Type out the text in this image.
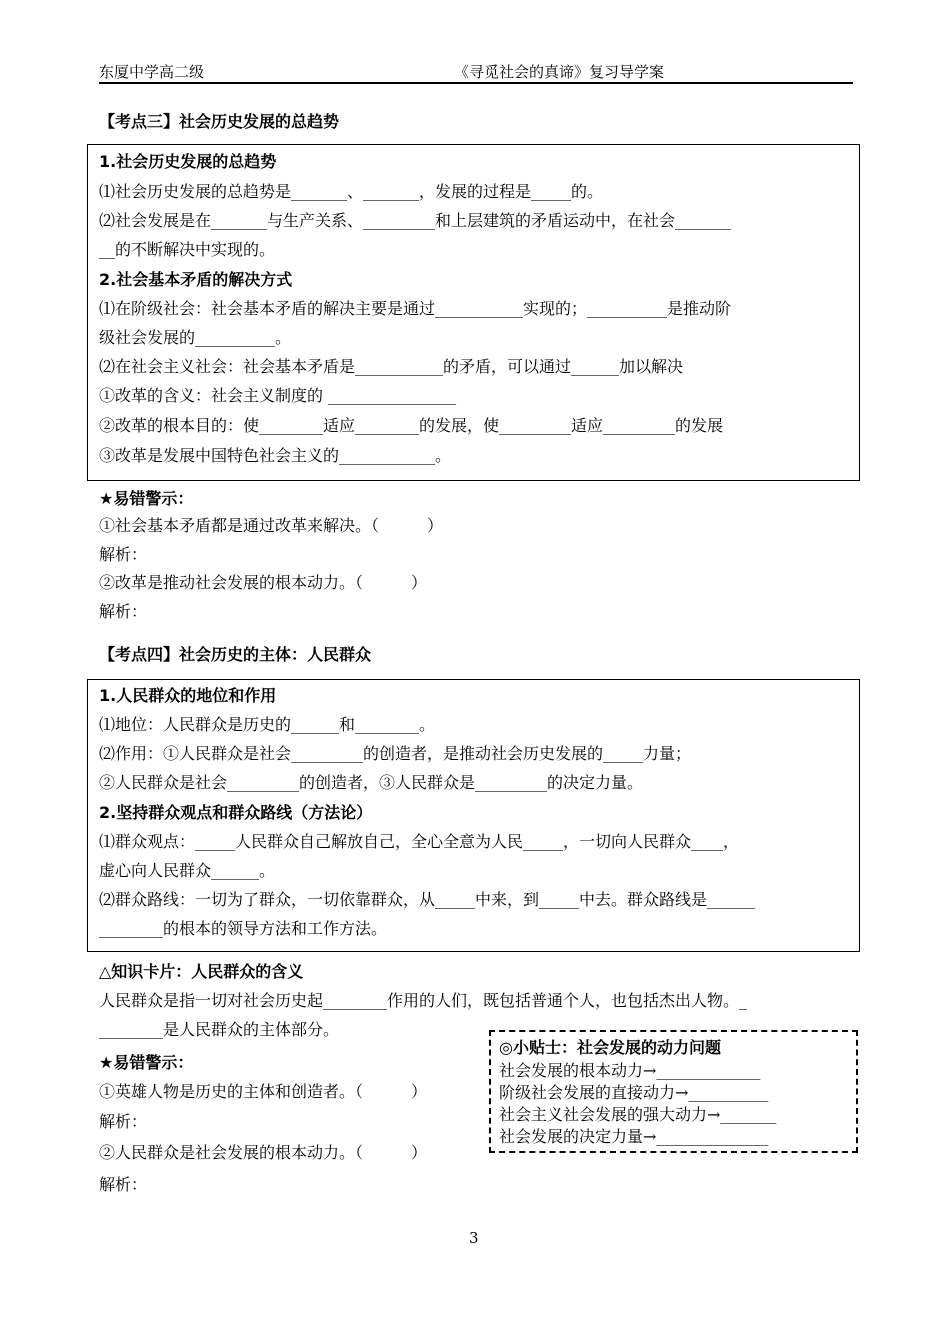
东厦中学高二级	《寻觅社会的真谛》复习导学案
【考点三】社会历史发展的总趋势
1.社会历史发展的总趋势
⑴社会历史发展的总趋势是_______、_______，发展的过程是_____的。
⑵社会发展是在_______与生产关系、_________和上层建筑的矛盾运动中，在社会_______
__的不断解决中实现的。
2.社会基本矛盾的解决方式
⑴在阶级社会：社会基本矛盾的解决主要是通过___________实现的；__________是推动阶
级社会发展的__________。
⑵在社会主义社会：社会基本矛盾是___________的矛盾，可以通过______加以解决
①改革的含义：社会主义制度的 ________________
②改革的根本目的：使________适应________的发展，使_________适应_________的发展
③改革是发展中国特色社会主义的____________。
★易错警示：
①社会基本矛盾都是通过改革来解决。（　　　）
解析：
②改革是推动社会发展的根本动力。（　　　）
解析：
【考点四】社会历史的主体：人民群众
1.人民群众的地位和作用
⑴地位：人民群众是历史的______和________。
⑵作用：①人民群众是社会_________的创造者，是推动社会历史发展的_____力量；
②人民群众是社会_________的创造者，③人民群众是_________的决定力量。
2.坚持群众观点和群众路线（方法论）
⑴群众观点：_____人民群众自己解放自己，全心全意为人民_____，一切向人民群众____，
虚心向人民群众______。
⑵群众路线：一切为了群众，一切依靠群众，从_____中来，到_____中去。群众路线是______
________的根本的领导方法和工作方法。
△知识卡片：人民群众的含义
人民群众是指一切对社会历史起________作用的人们，既包括普通个人，也包括杰出人物。_
________是人民群众的主体部分。
★易错警示：
①英雄人物是历史的主体和创造者。（　　　）
解析：
②人民群众是社会发展的根本动力。（　　　）
解析：
◎小贴士：社会发展的动力问题
社会发展的根本动力→_____________
阶级社会发展的直接动力→__________
社会主义社会发展的强大动力→_______
社会发展的决定力量→______________
3
